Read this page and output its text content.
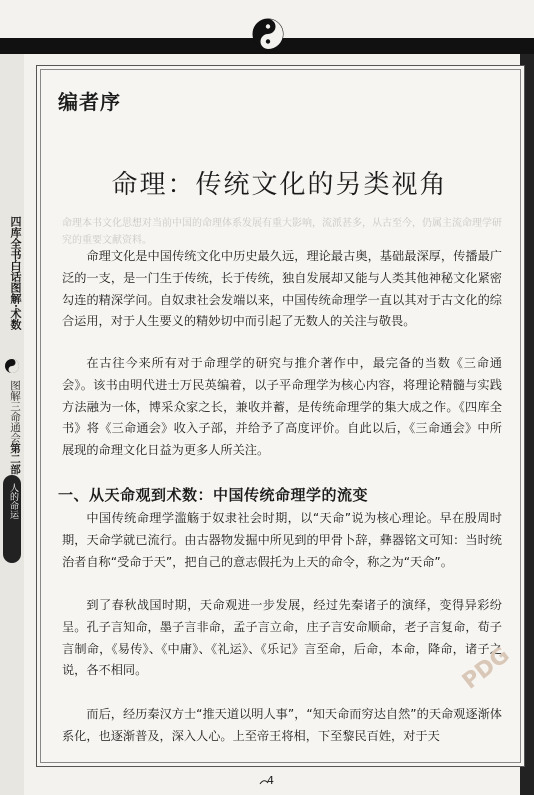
四库全书白话图解·术数
图解三命通会第二部
人的命运
编者序
命理：传统文化的另类视角
命理本书文化思想对当前中国的命理体系发展有重大影响，流派甚多，从古至今，仍属主流命理学研究的重要文献资料。

命理文化是中国传统文化中历史最久远，理论最古奥，基础最深厚，传播最广泛的一支，是一门生于传统，长于传统，独自发展却又能与人类其他神秘文化紧密勾连的精深学问。自奴隶社会发端以来，中国传统命理学一直以其对于古文化的综合运用，对于人生要义的精妙切中而引起了无数人的关注与敬畏。

在古往今来所有对于命理学的研究与推介著作中，最完备的当数《三命通会》。该书由明代进士万民英编着，以子平命理学为核心内容，将理论精髓与实践方法融为一体，博采众家之长，兼收并蓄，是传统命理学的集大成之作。《四库全书》将《三命通会》收入子部，并给予了高度评价。自此以后，《三命通会》中所展现的命理文化日益为更多人所关注。

一、从天命观到术数：中国传统命理学的流变

中国传统命理学滥觞于奴隶社会时期，以“天命”说为核心理论。早在殷周时期，天命学就已流行。由古器物发掘中所见到的甲骨卜辞，彝器铭文可知：当时统治者自称“受命于天”，把自己的意志假托为上天的命令，称之为“天命”。

到了春秋战国时期，天命观进一步发展，经过先秦诸子的演绎，变得异彩纷呈。孔子言知命，墨子言非命，孟子言立命，庄子言安命顺命，老子言复命，荀子言制命，《易传》、《中庸》、《礼运》、《乐记》言至命，后命，本命，降命，诸子之说，各不相同。

而后，经历秦汉方士“推天道以明人事”，“知天命而穷达自然”的天命观逐渐体系化，也逐渐普及，深入人心。上至帝王将相，下至黎民百姓，对于天

PDG
4
